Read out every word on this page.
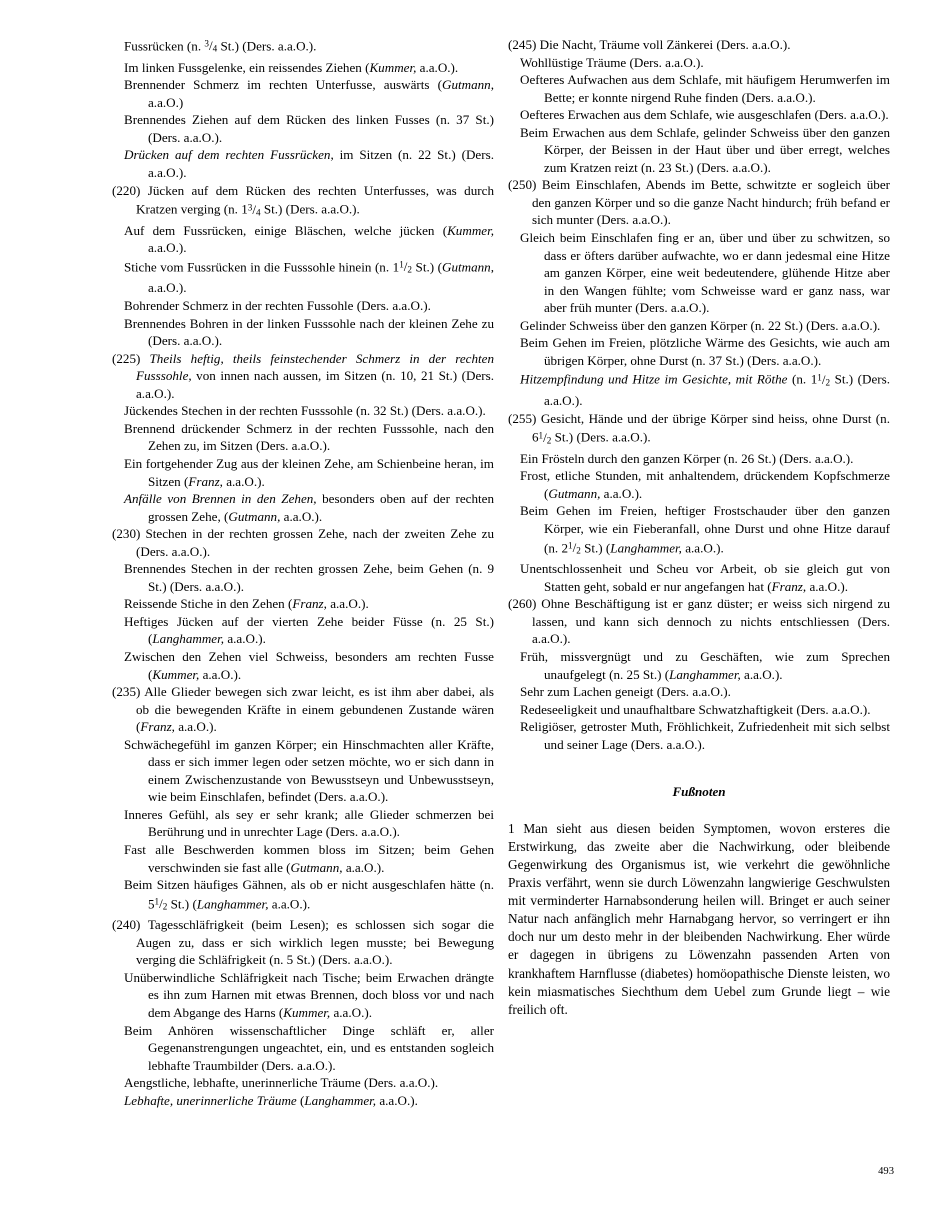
Fussrücken (n. $^3$/4 St.) (Ders. a.a.O.).

Im linken Fussgelenke, ein reissendes Ziehen (Kummer, a.a.O.).

Brennender Schmerz im rechten Unterfusse, auswärts (Gutmann, a.a.O.)

Brennendes Ziehen auf dem Rücken des linken Fusses (n. 37 St.) (Ders. a.a.O.).

Drücken auf dem rechten Fussrücken, im Sitzen (n. 22 St.) (Ders. a.a.O.).

(220) Jücken auf dem Rücken des rechten Unterfusses, was durch Kratzen verging (n. $1^3/4$ St.) (Ders. a.a.O.).

Auf dem Fussrücken, einige Bläschen, welche jücken (Kummer, a.a.O.).

Stiche vom Fussrücken in die Fusssohle hinein (n. $1^1/2$ St.) (Gutmann, a.a.O.).

Bohrender Schmerz in der rechten Fussohle (Ders. a.a.O.).

Brennendes Bohren in der linken Fusssohle nach der kleinen Zehe zu (Ders. a.a.O.).

(225) Theils heftig, theils feinstechender Schmerz in der rechten Fusssohle, von innen nach aussen, im Sitzen (n. 10, 21 St.) (Ders. a.a.O.).

Jückendes Stechen in der rechten Fusssohle (n. 32 St.) (Ders. a.a.O.).

Brennend drückender Schmerz in der rechten Fusssohle, nach den Zehen zu, im Sitzen (Ders. a.a.O.).

Ein fortgehender Zug aus der kleinen Zehe, am Schienbeine heran, im Sitzen (Franz, a.a.O.).

Anfälle von Brennen in den Zehen, besonders oben auf der rechten grossen Zehe, (Gutmann, a.a.O.).

(230) Stechen in der rechten grossen Zehe, nach der zweiten Zehe zu (Ders. a.a.O.).

Brennendes Stechen in der rechten grossen Zehe, beim Gehen (n. 9 St.) (Ders. a.a.O.).

Reissende Stiche in den Zehen (Franz, a.a.O.).

Heftiges Jücken auf der vierten Zehe beider Füsse (n. 25 St.) (Langhammer, a.a.O.).

Zwischen den Zehen viel Schweiss, besonders am rechten Fusse (Kummer, a.a.O.).

(235) Alle Glieder bewegen sich zwar leicht, es ist ihm aber dabei, als ob die bewegenden Kräfte in einem gebundenen Zustande wären (Franz, a.a.O.).

Schwächegefühl im ganzen Körper; ein Hinschmachten aller Kräfte, dass er sich immer legen oder setzen möchte, wo er sich dann in einem Zwischenzustande von Bewusstseyn und Unbewusstseyn, wie beim Einschlafen, befindet (Ders. a.a.O.).

Inneres Gefühl, als sey er sehr krank; alle Glieder schmerzen bei Berührung und in unrechter Lage (Ders. a.a.O.).

Fast alle Beschwerden kommen bloss im Sitzen; beim Gehen verschwinden sie fast alle (Gutmann, a.a.O.).

Beim Sitzen häufiges Gähnen, als ob er nicht ausgeschlafen hätte (n. $5^1/2$ St.) (Langhammer, a.a.O.).

(240) Tagesschläfrigkeit (beim Lesen); es schlossen sich sogar die Augen zu, dass er sich wirklich legen musste; bei Bewegung verging die Schläfrigkeit (n. 5 St.) (Ders. a.a.O.).

Unüberwindliche Schläfrigkeit nach Tische; beim Erwachen drängte es ihn zum Harnen mit etwas Brennen, doch bloss vor und nach dem Abgange des Harns (Kummer, a.a.O.).

Beim Anhören wissenschaftlicher Dinge schläft er, aller Gegenanstrengungen ungeachtet, ein, und es entstanden sogleich lebhafte Traumbilder (Ders. a.a.O.).

Aengstliche, lebhafte, unerinnerliche Träume (Ders. a.a.O.).

Lebhafte, unerinnerliche Träume (Langhammer, a.a.O.).

(245) Die Nacht, Träume voll Zänkerei (Ders. a.a.O.).

Wohllüstige Träume (Ders. a.a.O.).

Oefteres Aufwachen aus dem Schlafe, mit häufigem Herumwerfen im Bette; er konnte nirgend Ruhe finden (Ders. a.a.O.).

Oefteres Erwachen aus dem Schlafe, wie ausgeschlafen (Ders. a.a.O.).

Beim Erwachen aus dem Schlafe, gelinder Schweiss über den ganzen Körper, der Beissen in der Haut über und über erregt, welches zum Kratzen reizt (n. 23 St.) (Ders. a.a.O.).

(250) Beim Einschlafen, Abends im Bette, schwitzte er sogleich über den ganzen Körper und so die ganze Nacht hindurch; früh befand er sich munter (Ders. a.a.O.).

Gleich beim Einschlafen fing er an, über und über zu schwitzen, so dass er öfters darüber aufwachte, wo er dann jedesmal eine Hitze am ganzen Körper, eine weit bedeutendere, glühende Hitze aber in den Wangen fühlte; vom Schweisse ward er ganz nass, war aber früh munter (Ders. a.a.O.).

Gelinder Schweiss über den ganzen Körper (n. 22 St.) (Ders. a.a.O.).

Beim Gehen im Freien, plötzliche Wärme des Gesichts, wie auch am übrigen Körper, ohne Durst (n. 37 St.) (Ders. a.a.O.).

Hitzempfindung und Hitze im Gesichte, mit Röthe (n. $1^1/2$ St.) (Ders. a.a.O.).

(255) Gesicht, Hände und der übrige Körper sind heiss, ohne Durst (n. $6^1/2$ St.) (Ders. a.a.O.).

Ein Frösteln durch den ganzen Körper (n. 26 St.) (Ders. a.a.O.).

Frost, etliche Stunden, mit anhaltendem, drückendem Kopfschmerze (Gutmann, a.a.O.).

Beim Gehen im Freien, heftiger Frostschauder über den ganzen Körper, wie ein Fieberanfall, ohne Durst und ohne Hitze darauf (n. $2^1/2$ St.) (Langhammer, a.a.O.).

Unentschlossenheit und Scheu vor Arbeit, ob sie gleich gut von Statten geht, sobald er nur angefangen hat (Franz, a.a.O.).

(260) Ohne Beschäftigung ist er ganz düster; er weiss sich nirgend zu lassen, und kann sich dennoch zu nichts entschliessen (Ders. a.a.O.).

Früh, missvergnügt und zu Geschäften, wie zum Sprechen unaufgelegt (n. 25 St.) (Langhammer, a.a.O.).

Sehr zum Lachen geneigt (Ders. a.a.O.).

Redeseeligkeit und unaufhaltbare Schwatzhaftigkeit (Ders. a.a.O.).

Religiöser, getroster Muth, Fröhlichkeit, Zufriedenheit mit sich selbst und seiner Lage (Ders. a.a.O.).

Fußnoten
1 Man sieht aus diesen beiden Symptomen, wovon ersteres die Erstwirkung, das zweite aber die Nachwirkung, oder bleibende Gegenwirkung des Organismus ist, wie verkehrt die gewöhnliche Praxis verfährt, wenn sie durch Löwenzahn langwierige Geschwulsten mit verminderter Harnabsonderung heilen will. Bringet er auch seiner Natur nach anfänglich mehr Harnabgang hervor, so verringert er ihn doch nur um desto mehr in der bleibenden Nachwirkung. Eher würde er dagegen in übrigens zu Löwenzahn passenden Arten von krankhaftem Harnflusse (diabetes) homöopathische Dienste leisten, wo kein miasmatisches Siechthum dem Uebel zum Grunde liegt – wie freilich oft.
493
